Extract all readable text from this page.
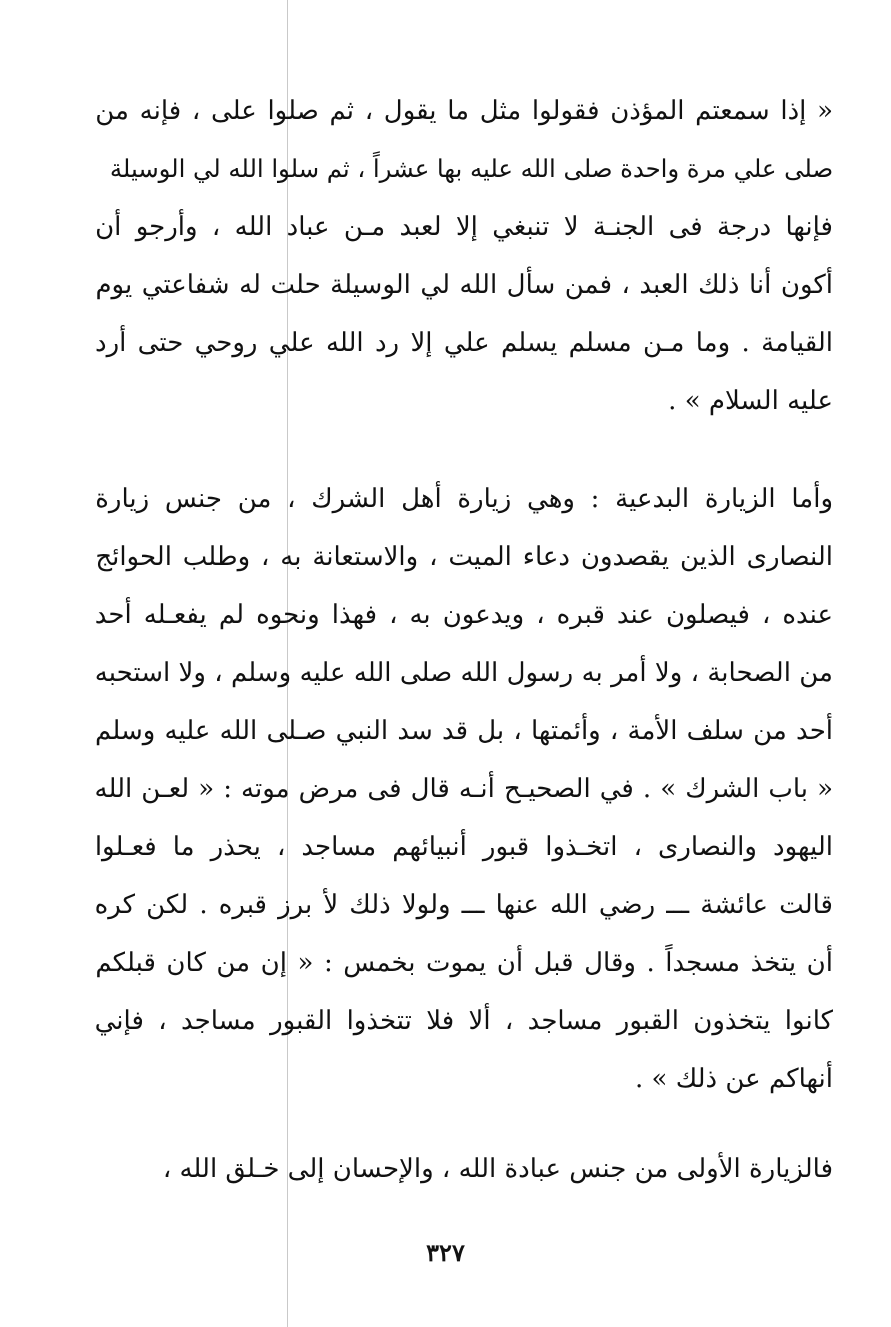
« إذا سمعتم المؤذن فقولوا مثل ما يقول ، ثم صلوا على ، فإنه من
صلى علي مرة واحدة صلى الله عليه بها عشراً ، ثم سلوا الله لي الوسيلة
فإنها درجة فى الجنـة لا تنبغي إلا لعبد مـن عباد الله ، وأرجو أن
أكون أنا ذلك العبد ، فمن سأل الله لي الوسيلة حلت له شفاعتي يوم
القيامة . وما مـن مسلم يسلم علي إلا رد الله علي روحي حتى أرد
عليه السلام » .
وأما الزيارة البدعية : وهي زيارة أهل الشرك ، من جنس زيارة
النصارى الذين يقصدون دعاء الميت ، والاستعانة به ، وطلب الحوائج
عنده ، فيصلون عند قبره ، ويدعون به ، فهذا ونحوه لم يفعـله أحد
من الصحابة ، ولا أمر به رسول الله صلى الله عليه وسلم ، ولا استحبه
أحد من سلف الأمة ، وأئمتها ، بل قد سد النبي صـلى الله عليه وسلم
« باب الشرك » . في الصحيـح أنـه قال فى مرض موته : « لعـن الله
اليهود والنصارى ، اتخـذوا قبور أنبيائهم مساجد ، يحذر ما فعـلوا
قالت عائشة ـــ رضي الله عنها ـــ ولولا ذلك لأ برز قبره . لكن كره
أن يتخذ مسجداً . وقال قبل أن يموت بخمس : « إن من كان قبلكم
كانوا يتخذون القبور مساجد ، ألا فلا تتخذوا القبور مساجد ، فإني
أنهاكم عن ذلك » .
فالزيارة الأولى من جنس عبادة الله ، والإحسان إلى خـلق الله ،
٣٢٧
